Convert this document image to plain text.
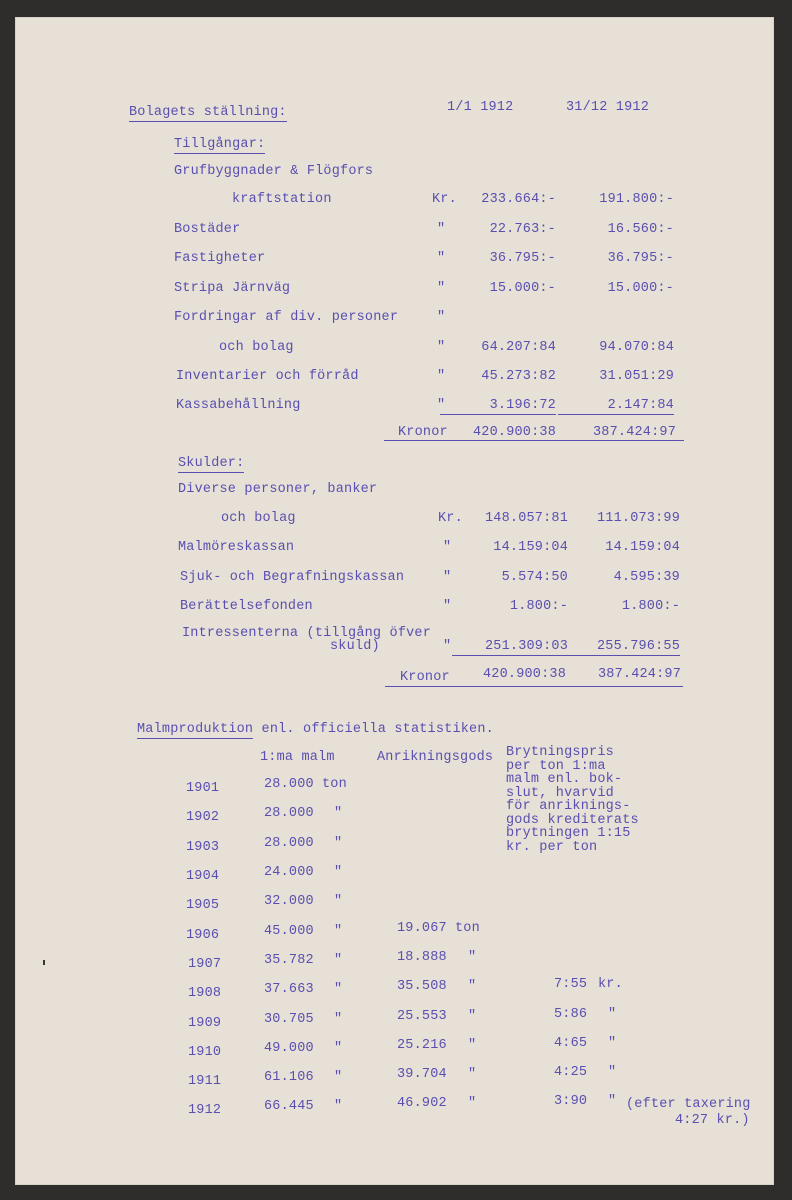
Bolagets ställning:	1/1 1912	31/12 1912
Tillgångar:
Grufbyggnader & Flögfors
kraftstation	Kr.	233.664:-	191.800:-
Bostäder	"	22.763:-	16.560:-
Fastigheter	"	36.795:-	36.795:-
Stripa Järnväg	"	15.000:-	15.000:-
Fordringar af div. personer	"
och bolag	"	64.207:84	94.070:84
Inventarier och förråd	"	45.273:82	31.051:29
Kassabehållning	"	3.196:72	2.147:84
Kronor	420.900:38	387.424:97
Skulder:
Diverse personer, banker
och bolag	Kr.	148.057:81	111.073:99
Malmöreskassan	"	14.159:04	14.159:04
Sjuk- och Begrafningskassan	"	5.574:50	4.595:39
Berättelsefonden	"	1.800:-	1.800:-
Intressenterna (tillgång öfver
skuld)	"	251.309:03	255.796:55
Kronor	420.900:38	387.424:97
Malmproduktion enl. officiella statistiken.
1:ma malm	Anrikningsgods Brytningspris
per ton 1:ma
malm enl. bok-
slut, hvarvid
för anriknings-
gods krediterats
brytningen 1:15
kr. per ton
1901	28.000 ton
1902	28.000 "
1903	28.000 "
1904	24.000 "
1905	32.000 "
1906	45.000 "	19.067 ton
1907	35.782 "	18.888 "
1908	37.663 "	35.508 "	7:55 kr.
1909	30.705 "	25.553 "	5:86 "
1910	49.000 "	25.216 "	4:65 "
1911	61.106 "	39.704 "	4:25 "
1912	66.445 "	46.902 "	3:90 " (efter taxering
4:27 kr.)
